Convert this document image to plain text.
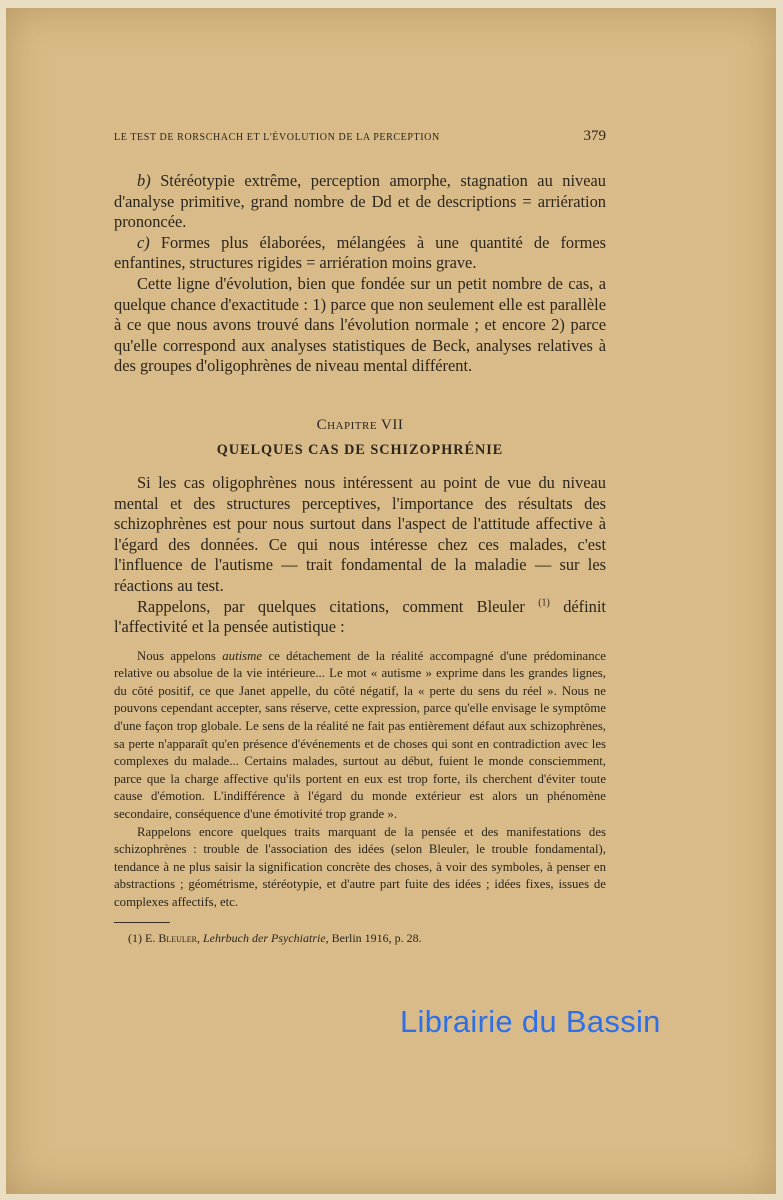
LE TEST DE RORSCHACH ET L'ÉVOLUTION DE LA PERCEPTION	379

b) Stéréotypie extrême, perception amorphe, stagnation au niveau d'analyse primitive, grand nombre de Dd et de descriptions = arriération prononcée.

c) Formes plus élaborées, mélangées à une quantité de formes enfantines, structures rigides = arriération moins grave.

Cette ligne d'évolution, bien que fondée sur un petit nombre de cas, a quelque chance d'exactitude : 1) parce que non seulement elle est parallèle à ce que nous avons trouvé dans l'évolution normale ; et encore 2) parce qu'elle correspond aux analyses statistiques de Beck, analyses relatives à des groupes d'oligophrènes de niveau mental différent.

Chapitre VII
QUELQUES CAS DE SCHIZOPHRÉNIE

Si les cas oligophrènes nous intéressent au point de vue du niveau mental et des structures perceptives, l'importance des résultats des schizophrènes est pour nous surtout dans l'aspect de l'attitude affective à l'égard des données. Ce qui nous intéresse chez ces malades, c'est l'influence de l'autisme — trait fondamental de la maladie — sur les réactions au test.

Rappelons, par quelques citations, comment Bleuler $^{(1)}$ définit l'affectivité et la pensée autistique :

Nous appelons autisme ce détachement de la réalité accompagné d'une prédominance relative ou absolue de la vie intérieure... Le mot « autisme » exprime dans les grandes lignes, du côté positif, ce que Janet appelle, du côté négatif, la « perte du sens du réel ». Nous ne pouvons cependant accepter, sans réserve, cette expression, parce qu'elle envisage le symptôme d'une façon trop globale. Le sens de la réalité ne fait pas entièrement défaut aux schizophrènes, sa perte n'apparaît qu'en présence d'événements et de choses qui sont en contradiction avec les complexes du malade... Certains malades, surtout au début, fuient le monde consciemment, parce que la charge affective qu'ils portent en eux est trop forte, ils cherchent d'éviter toute cause d'émotion. L'indifférence à l'égard du monde extérieur est alors un phénomène secondaire, conséquence d'une émotivité trop grande ».

Rappelons encore quelques traits marquant de la pensée et des manifestations des schizophrènes : trouble de l'association des idées (selon Bleuler, le trouble fondamental), tendance à ne plus saisir la signification concrète des choses, à voir des symboles, à penser en abstractions ; géométrisme, stéréotypie, et d'autre part fuite des idées ; idées fixes, issues de complexes affectifs, etc.

(1) E. Bleuler, Lehrbuch der Psychiatrie, Berlin 1916, p. 28.

Librairie du Bassin
